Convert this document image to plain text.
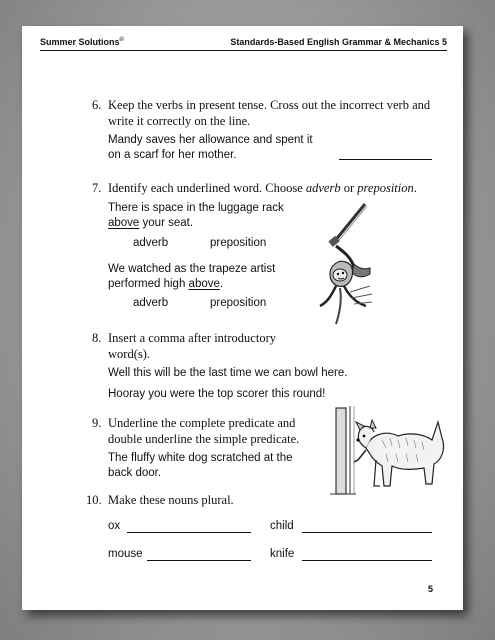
Summer Solutions©	Standards-Based English Grammar & Mechanics 5
6. Keep the verbs in present tense. Cross out the incorrect verb and
write it correctly on the line.
Mandy saves her allowance and spent it
on a scarf for her mother.
7. Identify each underlined word. Choose adverb or preposition.
There is space in the luggage rack
above your seat.
adverb	preposition
We watched as the trapeze artist
performed high above.
adverb	preposition
8. Insert a comma after introductory
word(s).
Well this will be the last time we can bowl here.
Hooray you were the top scorer this round!
9. Underline the complete predicate and
double underline the simple predicate.
The fluffy white dog scratched at the
back door.
10. Make these nouns plural.
ox	child
mouse	knife
5
